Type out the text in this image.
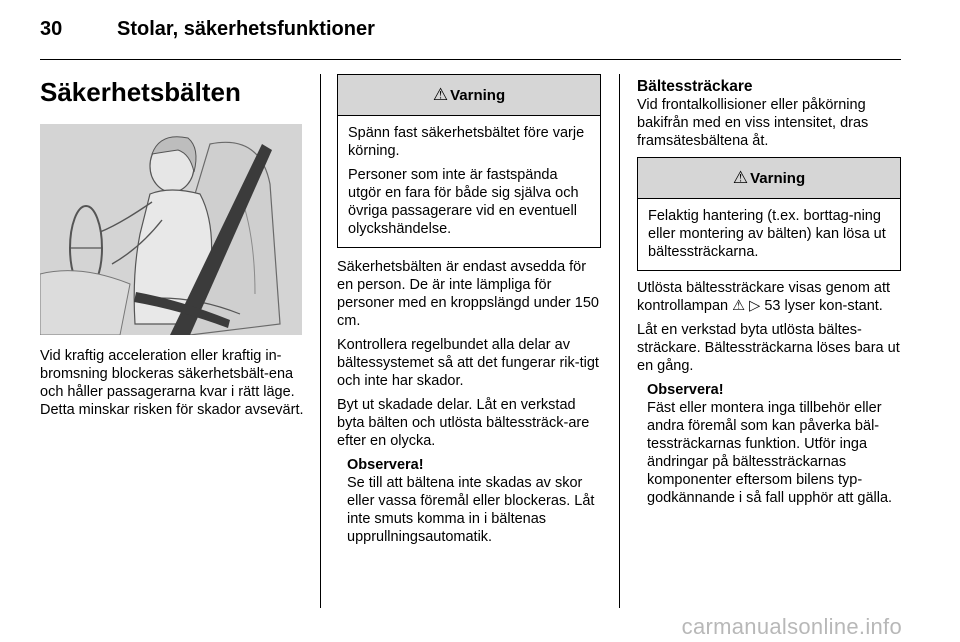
30	Stolar, säkerhetsfunktioner
Säkerhetsbälten

Vid kraftig acceleration eller kraftig in-bromsning blockeras säkerhetsbält-ena och håller passagerarna kvar i rätt läge. Detta minskar risken för skador avsevärt.

⚠ Varning

Spänn fast säkerhetsbältet före varje körning.

Personer som inte är fastspända utgör en fara för både sig själva och övriga passagerare vid en eventuell olyckshändelse.

Säkerhetsbälten är endast avsedda för en person. De är inte lämpliga för personer med en kroppslängd under 150 cm.

Kontrollera regelbundet alla delar av bältessystemet så att det fungerar rik-tigt och inte har skador.

Byt ut skadade delar. Låt en verkstad byta bälten och utlösta bältessträck-are efter en olycka.

Observera!
Se till att bältena inte skadas av skor eller vassa föremål eller blockeras. Låt inte smuts komma in i bältenas upprullningsautomatik.
Bältessträckare
Vid frontalkollisioner eller påkörning bakifrån med en viss intensitet, dras framsätesbältena åt.
⚠ Varning

Felaktig hantering (t.ex. borttag-ning eller montering av bälten) kan lösa ut bältessträckarna.

Utlösta bältessträckare visas genom att kontrollampan ⚠ ▷ 53 lyser kon-stant.

Låt en verkstad byta utlösta bältes-sträckare. Bältessträckarna löses bara ut en gång.

Observera!
Fäst eller montera inga tillbehör eller andra föremål som kan påverka bäl-tessträckarnas funktion. Utför inga ändringar på bältessträckarnas komponenter eftersom bilens typ-godkännande i så fall upphör att gälla.
carmanualsonline.info
